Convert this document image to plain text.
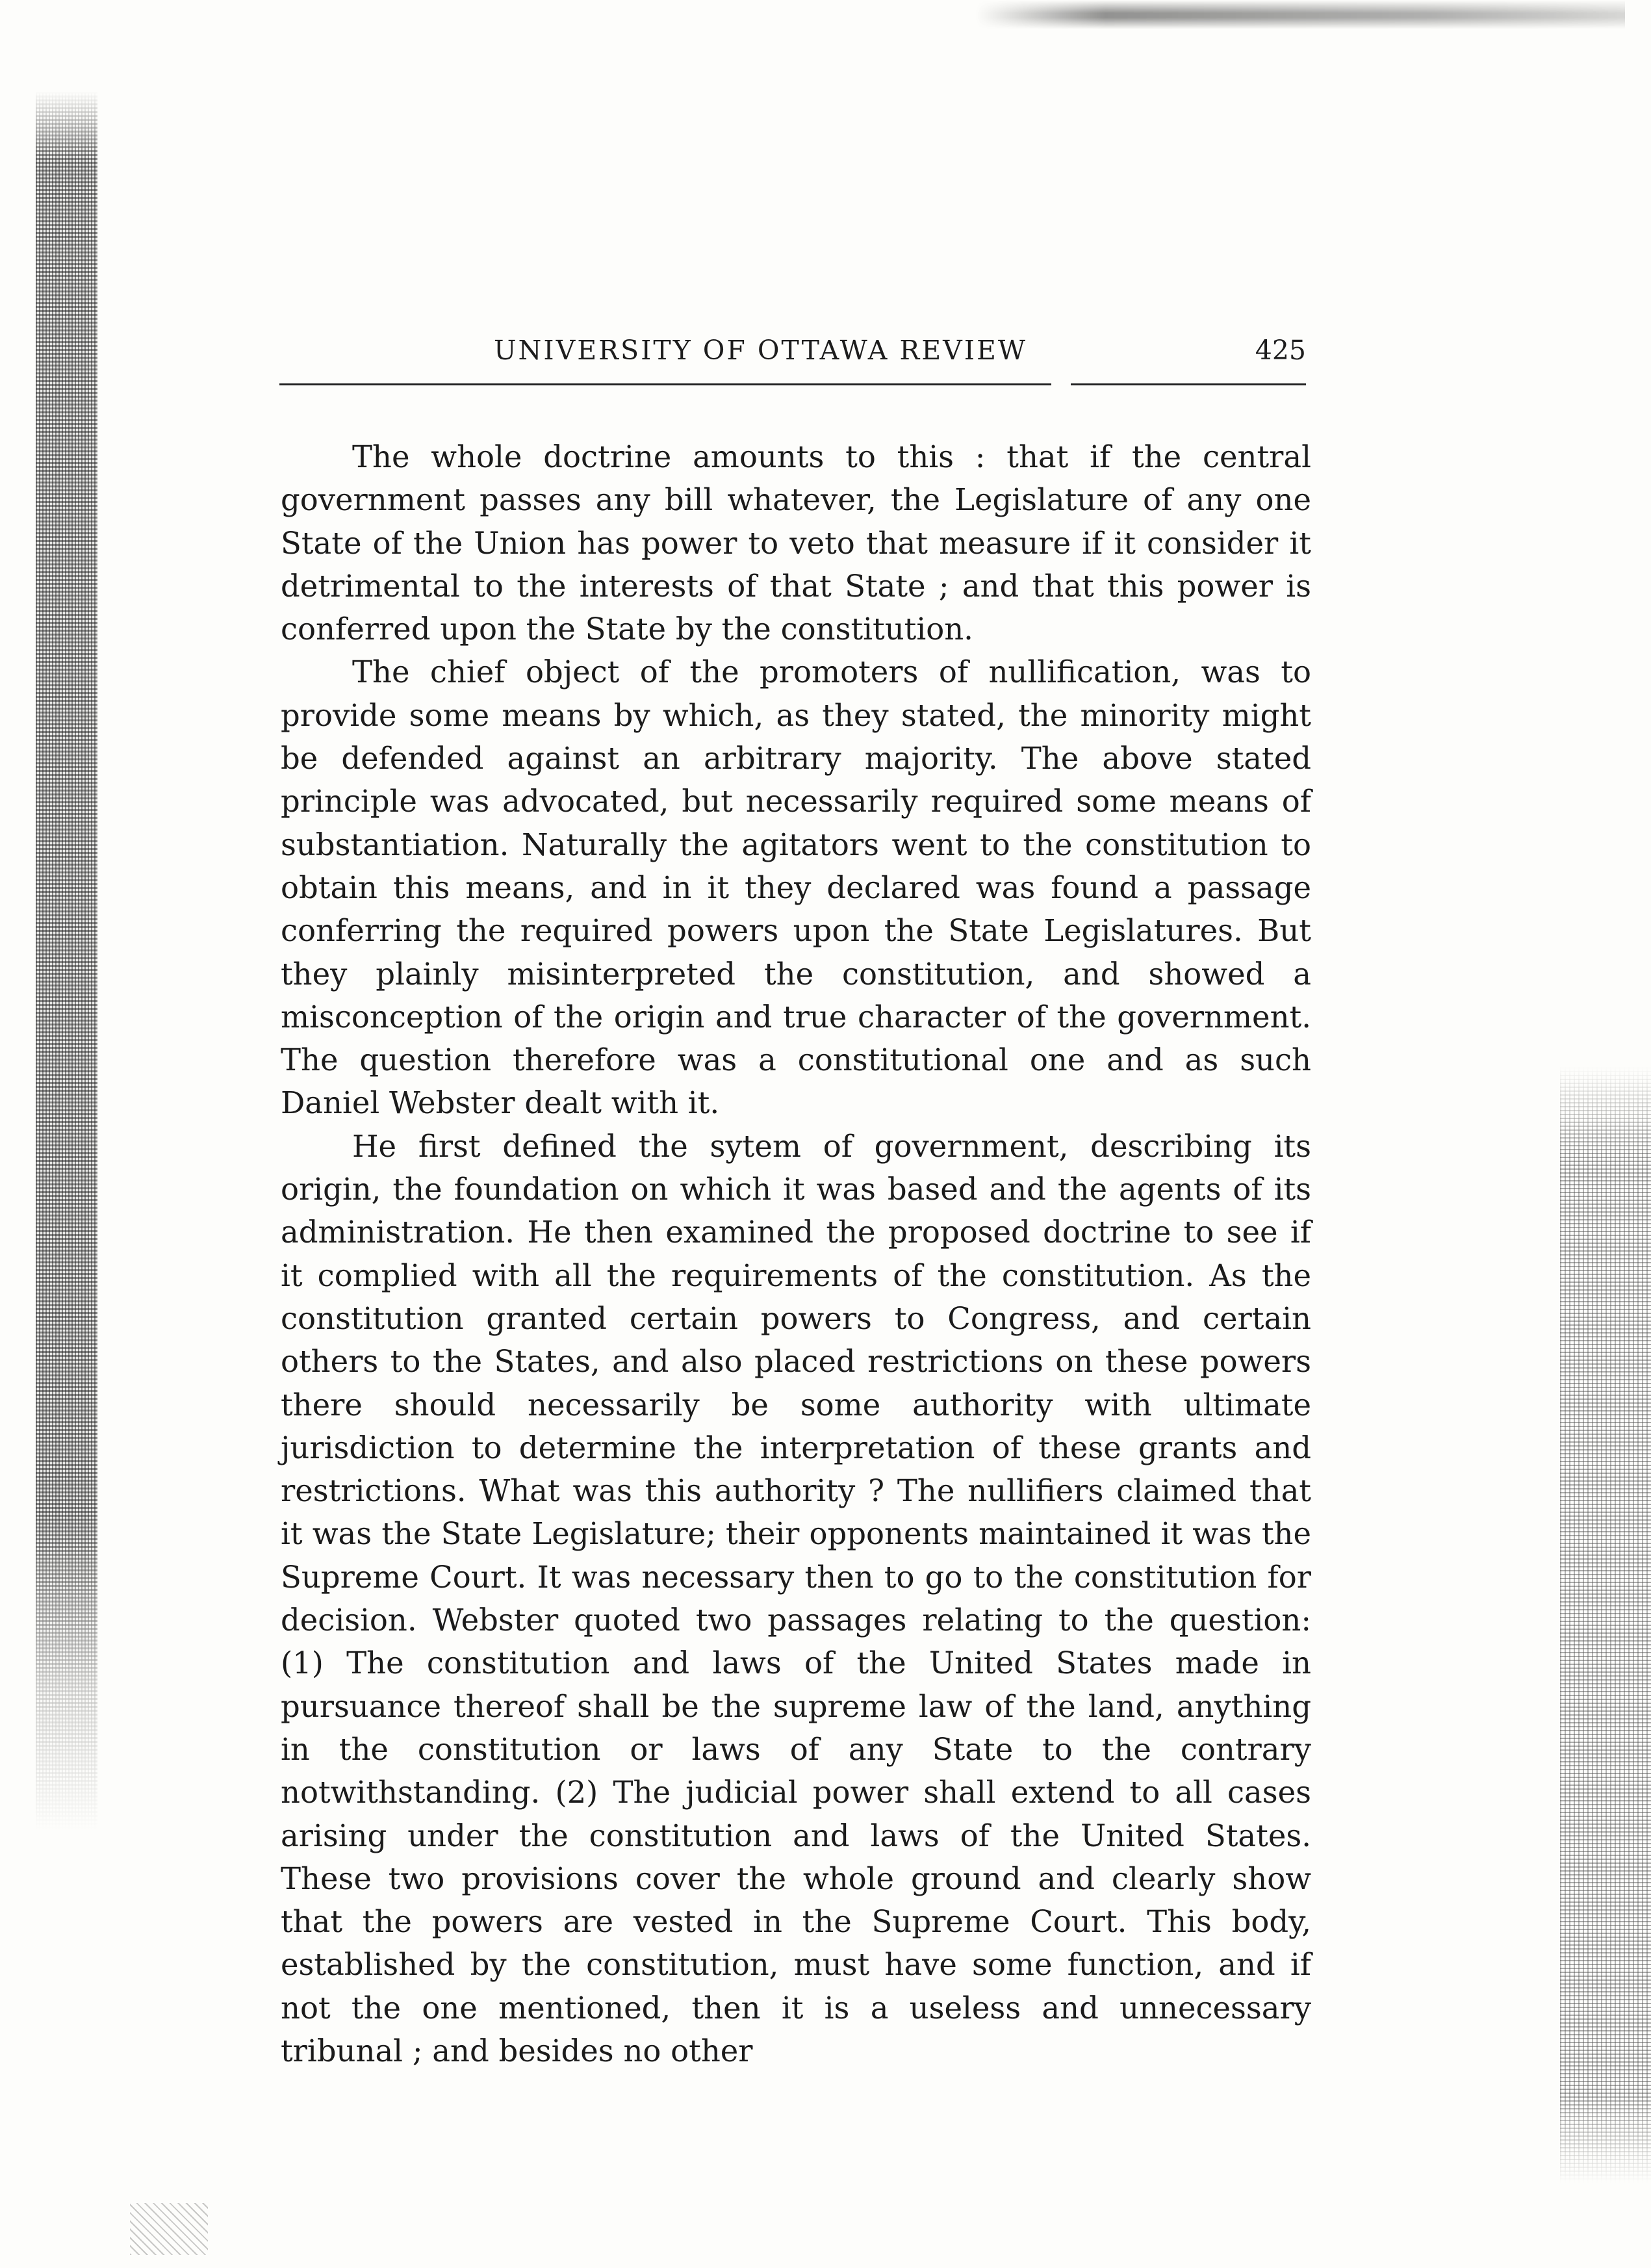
UNIVERSITY OF OTTAWA REVIEW	425

The whole doctrine amounts to this : that if the central government passes any bill whatever, the Legislature of any one State of the Union has power to veto that measure if it consider it detrimental to the interests of that State ; and that this power is conferred upon the State by the constitution.

The chief object of the promoters of nullification, was to provide some means by which, as they stated, the minority might be defended against an arbitrary majority. The above stated principle was advocated, but necessarily required some means of substantiation. Naturally the agitators went to the constitution to obtain this means, and in it they declared was found a passage conferring the required powers upon the State Legislatures. But they plainly misinterpreted the constitution, and showed a misconception of the origin and true character of the government. The question therefore was a constitutional one and as such Daniel Webster dealt with it.

He first defined the sytem of government, describing its origin, the foundation on which it was based and the agents of its administration. He then examined the proposed doctrine to see if it complied with all the requirements of the constitution. As the constitution granted certain powers to Congress, and certain others to the States, and also placed restrictions on these powers there should necessarily be some authority with ultimate jurisdiction to determine the interpretation of these grants and restrictions. What was this authority ? The nullifiers claimed that it was the State Legislature; their opponents maintained it was the Supreme Court. It was necessary then to go to the constitution for decision. Webster quoted two passages relating to the question: (1) The constitution and laws of the United States made in pursuance thereof shall be the supreme law of the land, anything in the constitution or laws of any State to the contrary notwithstanding. (2) The judicial power shall extend to all cases arising under the constitution and laws of the United States. These two provisions cover the whole ground and clearly show that the powers are vested in the Supreme Court. This body, established by the constitution, must have some function, and if not the one mentioned, then it is a useless and unnecessary tribunal ; and besides no other
